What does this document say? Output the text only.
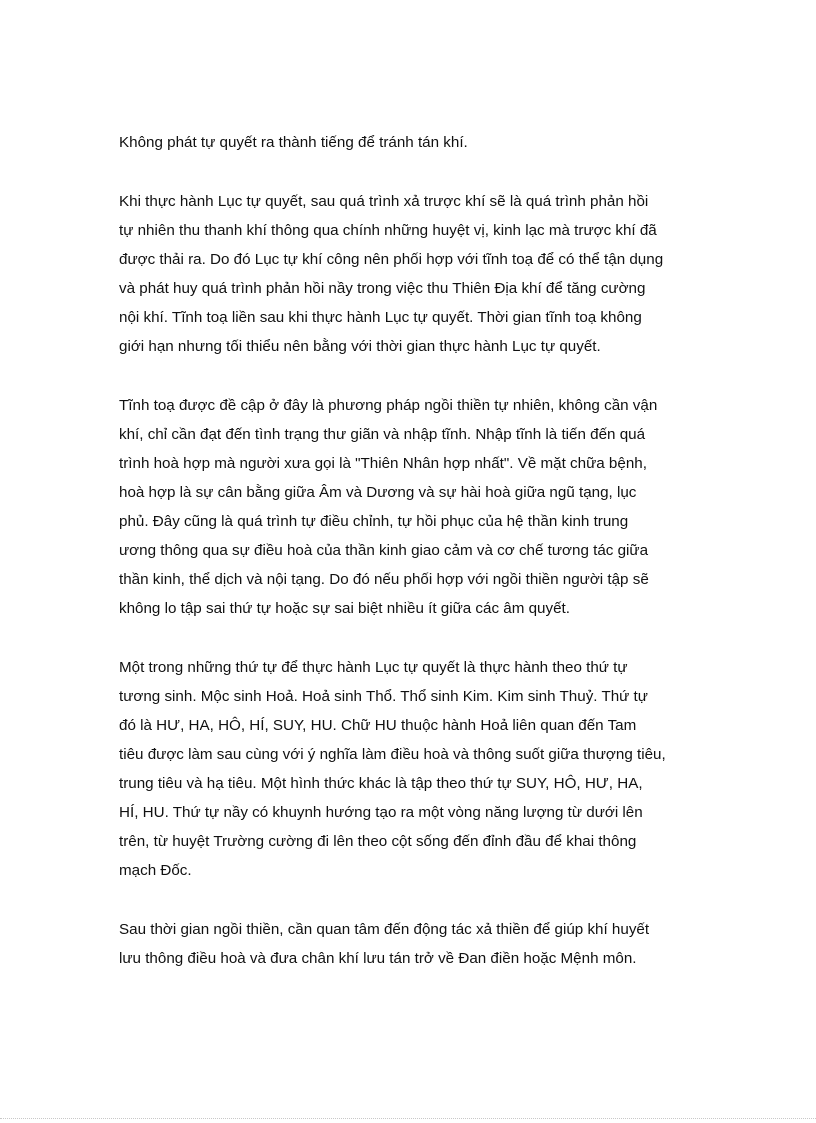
Không phát tự quyết ra thành tiếng để tránh tán khí.
Khi thực hành Lục tự quyết, sau quá trình xả trược khí sẽ là quá trình phản hồi
tự nhiên thu thanh khí thông qua chính những huyệt vị, kinh lạc mà trược khí đã
được thải ra. Do đó Lục tự khí công nên phối hợp với tĩnh toạ để có thể tận dụng
và phát huy quá trình phản hồi nầy trong việc thu Thiên Địa khí để tăng cường
nội khí. Tĩnh toạ liền sau khi thực hành Lục tự quyết. Thời gian tĩnh toạ không
giới hạn nhưng tối thiểu nên bằng với thời gian thực hành Lục tự quyết.
Tĩnh toạ được đề cập ở đây là phương pháp ngồi thiền tự nhiên, không cần vận
khí, chỉ cần đạt đến tình trạng thư giãn và nhập tĩnh. Nhập tĩnh là tiến đến quá
trình hoà hợp mà người xưa gọi là "Thiên Nhân hợp nhất". Về mặt chữa bệnh,
hoà hợp là sự cân bằng giữa Âm và Dương và sự hài hoà giữa ngũ tạng, lục
phủ. Đây cũng là quá trình tự điều chỉnh, tự hồi phục của hệ thần kinh trung
ương thông qua sự điều hoà của thần kinh giao cảm và cơ chế tương tác giữa
thần kinh, thể dịch và nội tạng. Do đó nếu phối hợp với ngồi thiền người tập sẽ
không lo tập sai thứ tự hoặc sự sai biệt nhiều ít giữa các âm quyết.
Một trong những thứ tự để thực hành Lục tự quyết là thực hành theo thứ tự
tương sinh. Mộc sinh Hoả. Hoả sinh Thổ. Thổ sinh Kim. Kim sinh Thuỷ. Thứ tự
đó là HƯ, HA, HÔ, HÍ, SUY, HU. Chữ HU thuộc hành Hoả liên quan đến Tam
tiêu được làm sau cùng với ý nghĩa làm điều hoà và thông suốt giữa thượng tiêu,
trung tiêu và hạ tiêu. Một hình thức khác là tập theo thứ tự SUY, HÔ, HƯ, HA,
HÍ, HU. Thứ tự nầy có khuynh hướng tạo ra một vòng năng lượng từ dưới lên
trên, từ huyệt Trường cường đi lên theo cột sống đến đỉnh đầu để khai thông
mạch Đốc.
Sau thời gian ngồi thiền, cần quan tâm đến động tác xả thiền để giúp khí huyết
lưu thông điều hoà và đưa chân khí lưu tán trở về Đan điền hoặc Mệnh môn.
